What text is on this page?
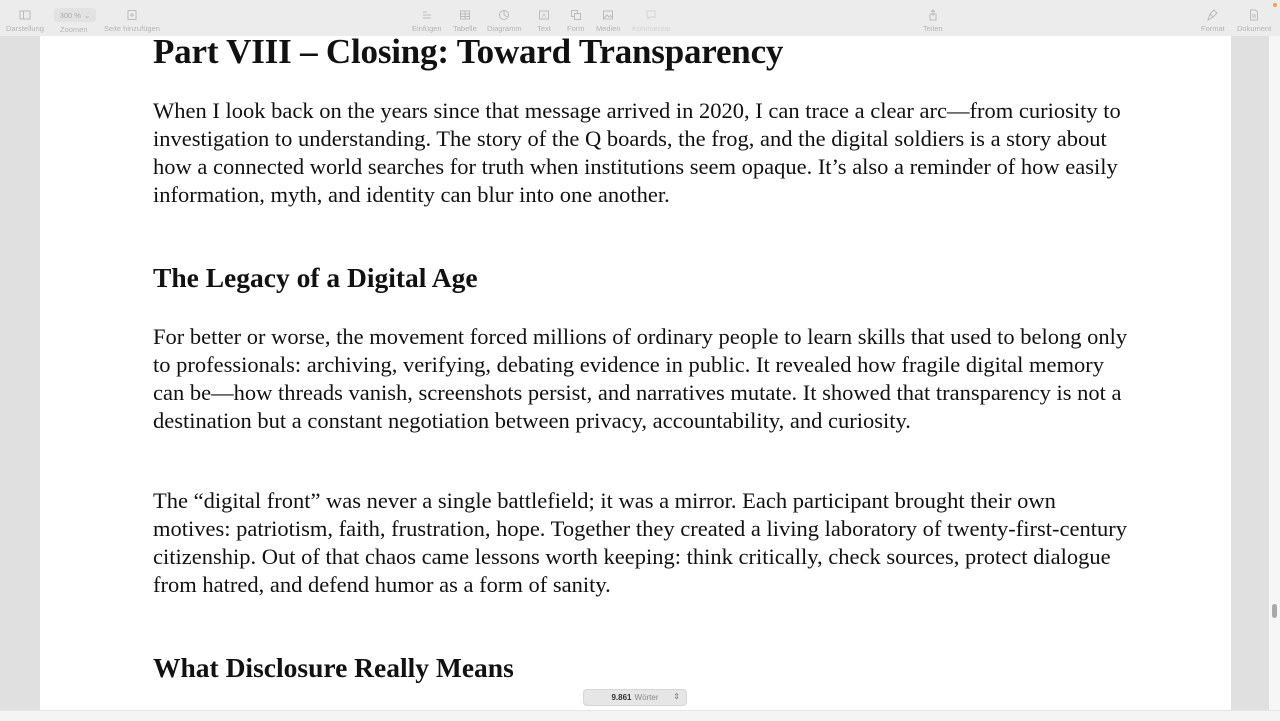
Darstellung
300 % ⌄
Zoomen Seite hinzufügen	Einfügen Tabelle Diagramm
A
Text Form Medien Kommentar	Teilen	Format Dokument
Part VIII – Closing: Toward Transparency

When I look back on the years since that message arrived in 2020, I can trace a clear arc—from curiosity to investigation to understanding. The story of the Q boards, the frog, and the digital soldiers is a story about how a connected world searches for truth when institutions seem opaque. It’s also a reminder of how easily information, myth, and identity can blur into one another.

The Legacy of a Digital Age

For better or worse, the movement forced millions of ordinary people to learn skills that used to belong only to professionals: archiving, verifying, debating evidence in public. It revealed how fragile digital memory can be—how threads vanish, screenshots persist, and narratives mutate. It showed that transparency is not a destination but a constant negotiation between privacy, accountability, and curiosity.

The “digital front” was never a single battlefield; it was a mirror. Each participant brought their own motives: patriotism, faith, frustration, hope. Together they created a living laboratory of twenty-first-century citizenship. Out of that chaos came lessons worth keeping: think critically, check sources, protect dialogue from hatred, and defend humor as a form of sanity.

What Disclosure Really Means
9.861 Wörter ⇕
